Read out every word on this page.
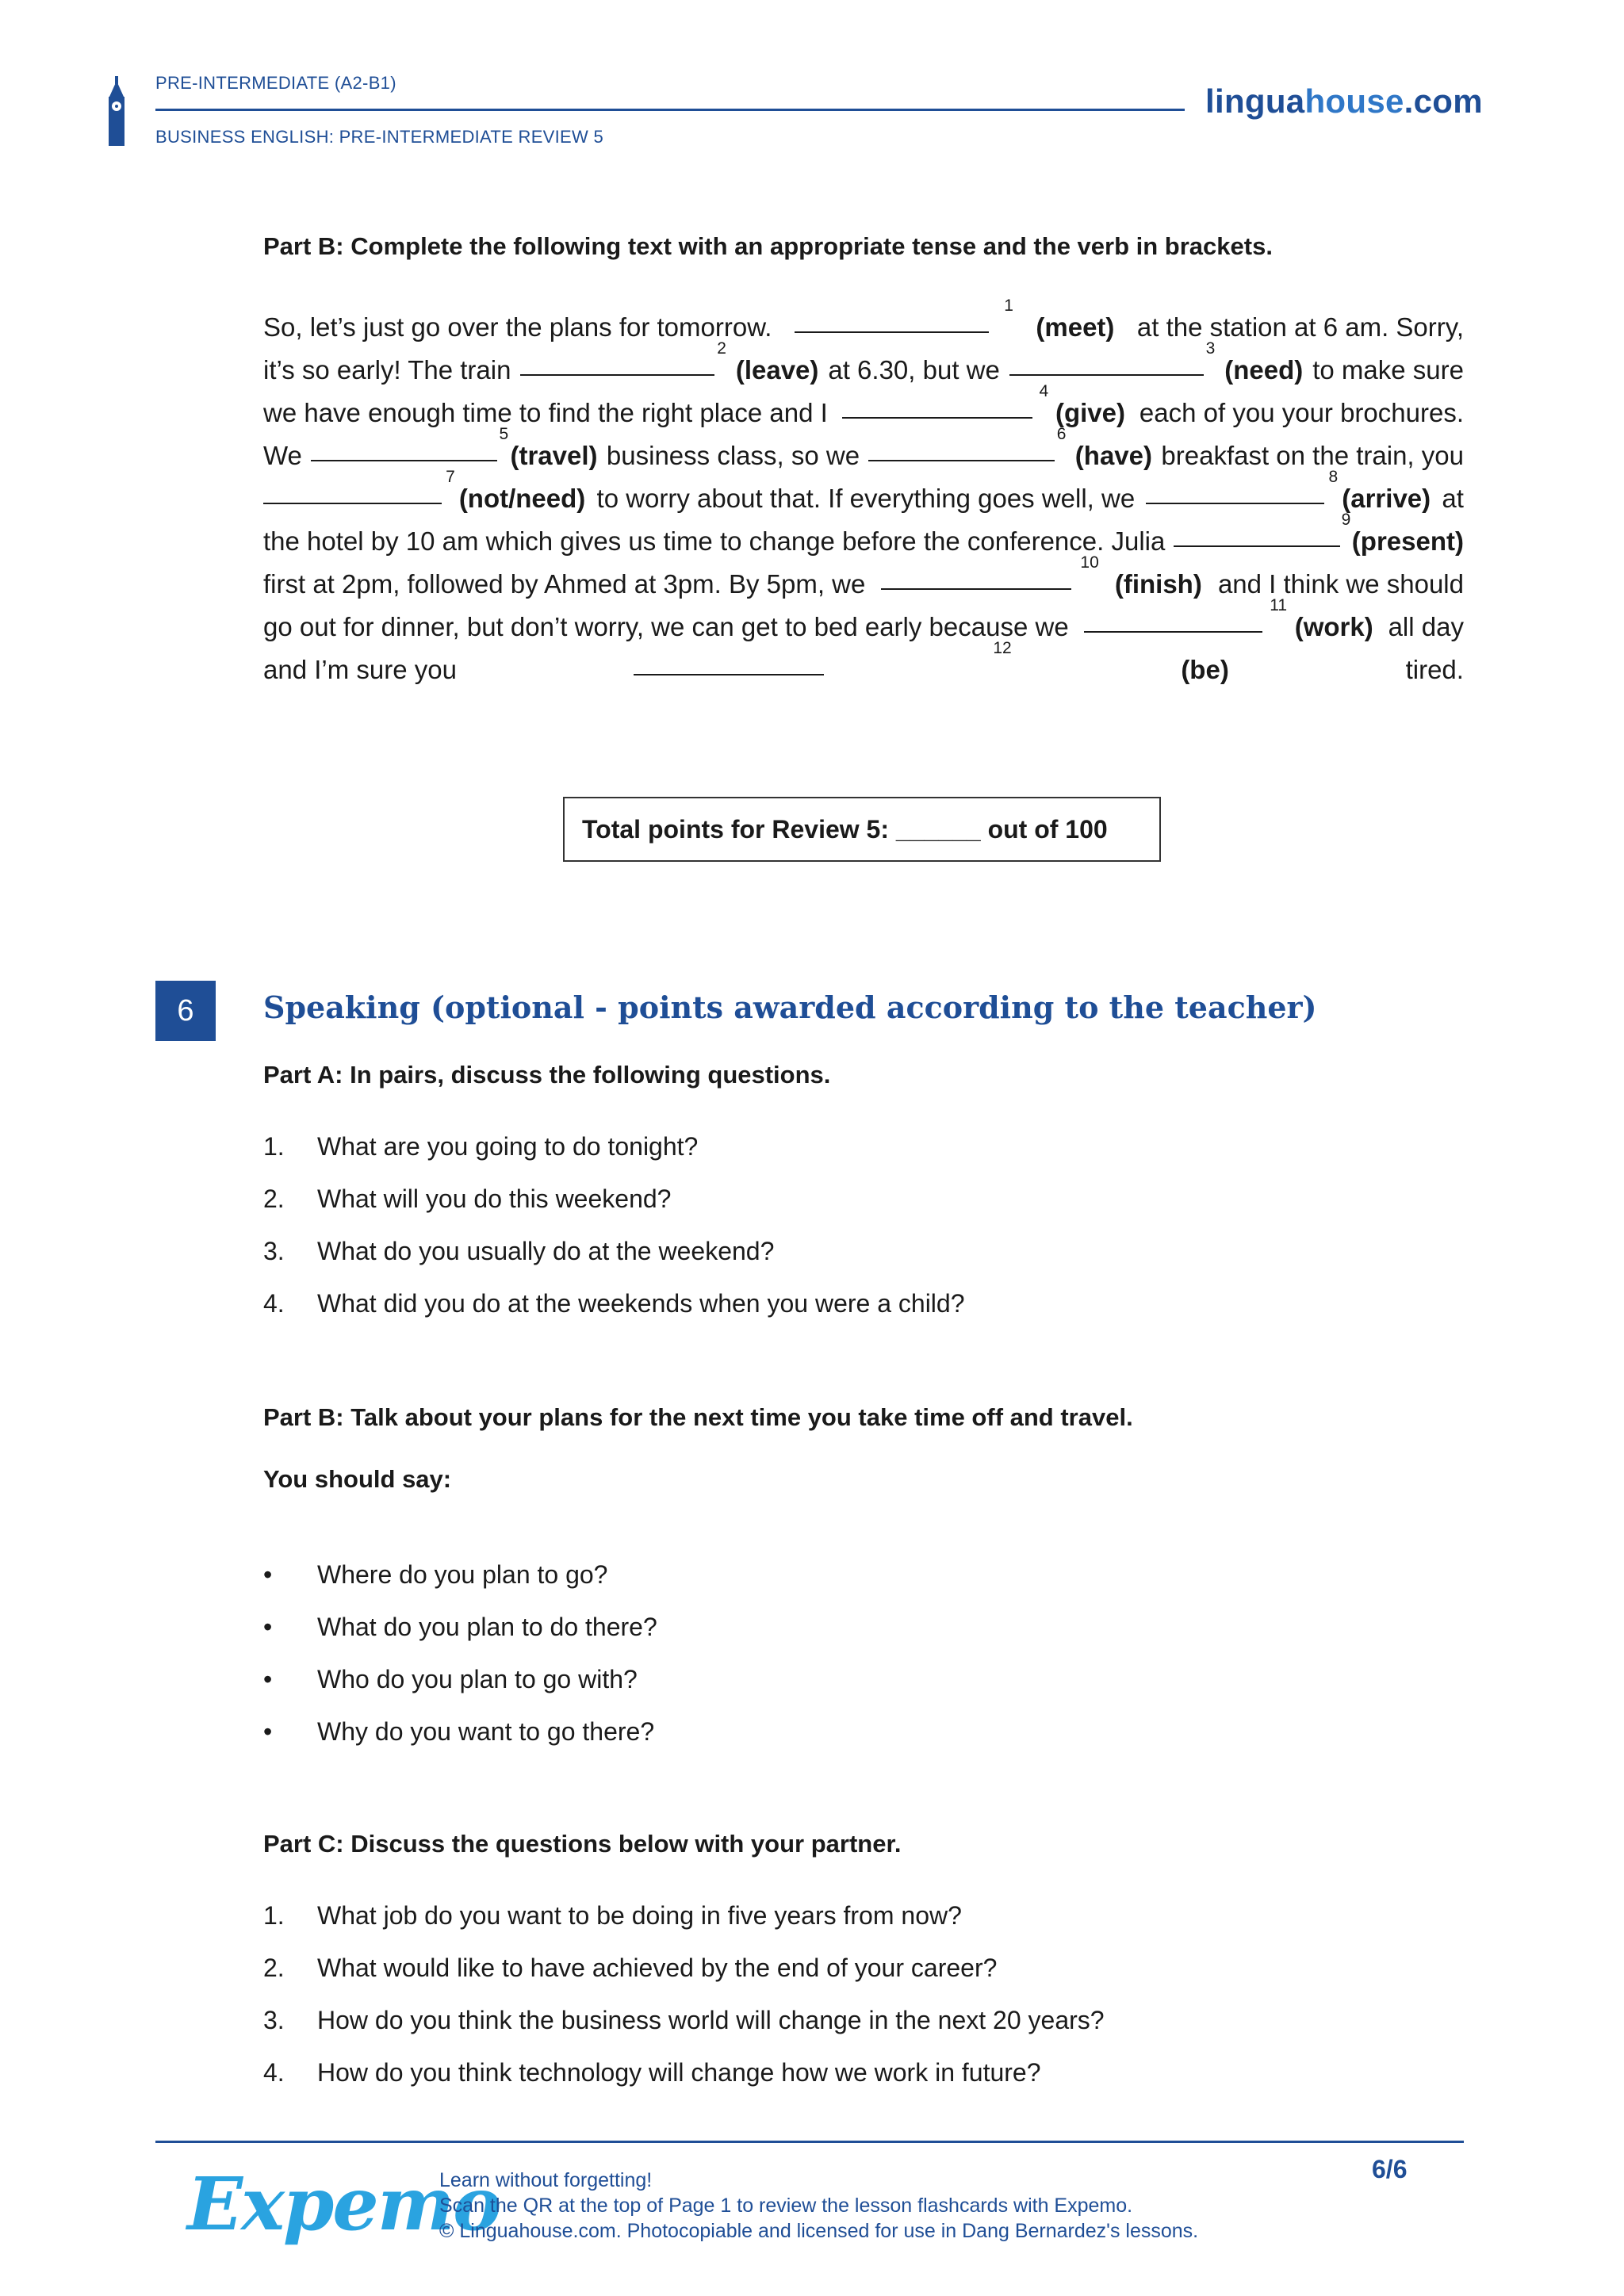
PRE-INTERMEDIATE (A2-B1)
BUSINESS ENGLISH: PRE-INTERMEDIATE REVIEW 5
linguahouse.com
Part B: Complete the following text with an appropriate tense and the verb in brackets.
So, let’s just go over the plans for tomorrow.
$_1$
(meet) at the station at 6 am. Sorry,
it’s so early! The train
$_2$
(leave) at 6.30, but we
$_3$
(need) to make sure
we have enough time to find the right place and I
$_4$
(give) each of you your brochures.
We
$_5$
(travel) business class, so we
$_6$
(have) breakfast on the train, you
$_7$
(not/need) to worry about that. If everything goes well, we
$_8$
(arrive) at
the hotel by 10 am which gives us time to change before the conference. Julia
$_9$
(present)
first at 2pm, followed by Ahmed at 3pm. By 5pm, we
$_{10}$
(finish) and I think we should
go out for dinner, but don’t worry, we can get to bed early because we
$_{11}$
(work) all day
and I’m sure you
$_{12}$
(be)	tired.
Total points for Review 5: ______ out of 100
6	Speaking (optional - points awarded according to the teacher)
Part A: In pairs, discuss the following questions.
1. What are you going to do tonight?
2. What will you do this weekend?
3. What do you usually do at the weekend?
4. What did you do at the weekends when you were a child?
Part B: Talk about your plans for the next time you take time off and travel.
You should say:
• Where do you plan to go?
• What do you plan to do there?
• Who do you plan to go with?
• Why do you want to go there?
Part C: Discuss the questions below with your partner.
1. What job do you want to be doing in five years from now?
2. What would like to have achieved by the end of your career?
3. How do you think the business world will change in the next 20 years?
4. How do you think technology will change how we work in future?
Expemo
Learn without forgetting!
Scan the QR at the top of Page 1 to review the lesson flashcards with Expemo.
© Linguahouse.com. Photocopiable and licensed for use in Dang Bernardez's lessons.
6/6
